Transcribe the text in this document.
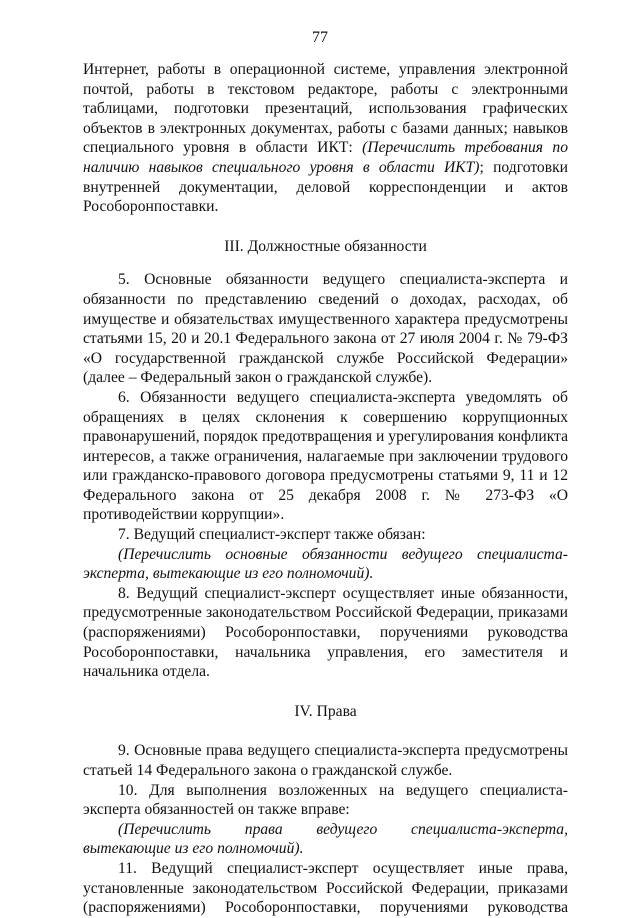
77

Интернет, работы в операционной системе, управления электронной почтой, работы в текстовом редакторе, работы с электронными таблицами, подготовки презентаций, использования графических объектов в электронных документах, работы с базами данных; навыков специального уровня в области ИКТ: (Перечислить требования по наличию навыков специального уровня в области ИКТ); подготовки внутренней документации, деловой корреспонденции и актов Рособоронпоставки.

III. Должностные обязанности

5. Основные обязанности ведущего специалиста-эксперта и обязанности по представлению сведений о доходах, расходах, об имуществе и обязательствах имущественного характера предусмотрены статьями 15, 20 и 20.1 Федерального закона от 27 июля 2004 г. № 79-ФЗ «О государственной гражданской службе Российской Федерации» (далее – Федеральный закон о гражданской службе).

6. Обязанности ведущего специалиста-эксперта уведомлять об обращениях в целях склонения к совершению коррупционных правонарушений, порядок предотвращения и урегулирования конфликта интересов, а также ограничения, налагаемые при заключении трудового или гражданско-правового договора предусмотрены статьями 9, 11 и 12 Федерального закона от 25 декабря 2008 г. № 273-ФЗ «О противодействии коррупции».

7. Ведущий специалист-эксперт также обязан:

(Перечислить основные обязанности ведущего специалиста-эксперта, вытекающие из его полномочий).

8. Ведущий специалист-эксперт осуществляет иные обязанности, предусмотренные законодательством Российской Федерации, приказами (распоряжениями) Рособоронпоставки, поручениями руководства Рособоронпоставки, начальника управления, его заместителя и начальника отдела.

IV. Права

9. Основные права ведущего специалиста-эксперта предусмотрены статьей 14 Федерального закона о гражданской службе.

10. Для выполнения возложенных на ведущего специалиста-эксперта обязанностей он также вправе:

(Перечислить права ведущего специалиста-эксперта, вытекающие из его полномочий).

11. Ведущий специалист-эксперт осуществляет иные права, установленные законодательством Российской Федерации, приказами (распоряжениями) Рособоронпоставки, поручениями руководства
